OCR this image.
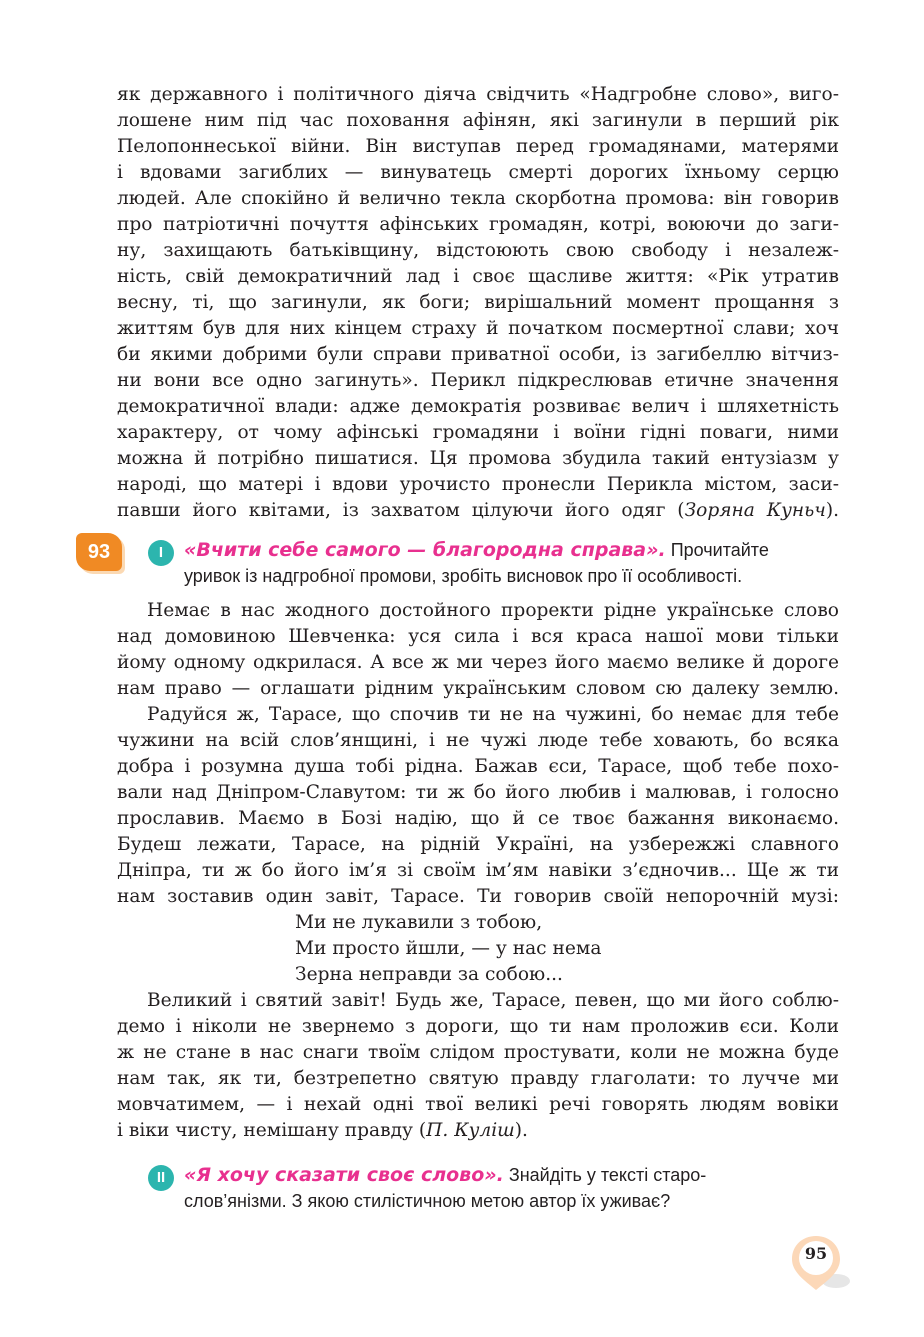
як державного і політичного діяча свідчить «Надгробне слово», виго-
лошене ним під час поховання афінян, які загинули в перший рік
Пелопоннеської війни. Він виступав перед громадянами, матерями
і вдовами загиблих — винуватець смерті дорогих їхньому серцю
людей. Але спокійно й велично текла скорботна промова: він говорив
про патріотичні почуття афінських громадян, котрі, воюючи до заги-
ну, захищають батьківщину, відстоюють свою свободу і незалеж-
ність, свій демократичний лад і своє щасливе життя: «Рік утратив
весну, ті, що загинули, як боги; вирішальний момент прощання з
життям був для них кінцем страху й початком посмертної слави; хоч
би якими добрими були справи приватної особи, із загибеллю вітчиз-
ни вони все одно загинуть». Перикл підкреслював етичне значення
демократичної влади: адже демократія розвиває велич і шляхетність
характеру, от чому афінські громадяни і воїни гідні поваги, ними
можна й потрібно пишатися. Ця промова збудила такий ентузіазм у
народі, що матері і вдови урочисто пронесли Перикла містом, заси-
павши його квітами, із захватом цілуючи його одяг (Зоряна Куньч).
93	I	«Вчити себе самого — благородна справа». Прочитайте
уривок із надгробної промови, зробіть висновок про її особливості.
Немає в нас жодного достойного проректи рідне українське слово
над домовиною Шевченка: уся сила і вся краса нашої мови тільки
йому одному одкрилася. А все ж ми через його маємо велике й дороге
нам право — оглашати рідним українським словом сю далеку землю.
Радуйся ж, Тарасе, що спочив ти не на чужині, бо немає для тебе
чужини на всій слов’янщині, і не чужі люде тебе ховають, бо всяка
добра і розумна душа тобі рідна. Бажав єси, Тарасе, щоб тебе похо-
вали над Дніпром-Славутом: ти ж бо його любив і малював, і голосно
прославив. Маємо в Бозі надію, що й се твоє бажання виконаємо.
Будеш лежати, Тарасе, на рідній Україні, на узбережжі славного
Дніпра, ти ж бо його ім’я зі своїм ім’ям навіки з’єдночив... Ще ж ти
нам зоставив один завіт, Тарасе. Ти говорив своїй непорочній музі:
Ми не лукавили з тобою,
Ми просто йшли, — у нас нема
Зерна неправди за собою...
Великий і святий завіт! Будь же, Тарасе, певен, що ми його соблю-
демо і ніколи не звернемо з дороги, що ти нам проложив єси. Коли
ж не стане в нас снаги твоїм слідом простувати, коли не можна буде
нам так, як ти, безтрепетно святую правду глаголати: то лучче ми
мовчатимем, — і нехай одні твої великі речі говорять людям вовіки
і віки чисту, немішану правду (П. Куліш).
II «Я хочу сказати своє слово». Знайдіть у тексті старо-
слов’янізми. З якою стилістичною метою автор їх уживає?
95
